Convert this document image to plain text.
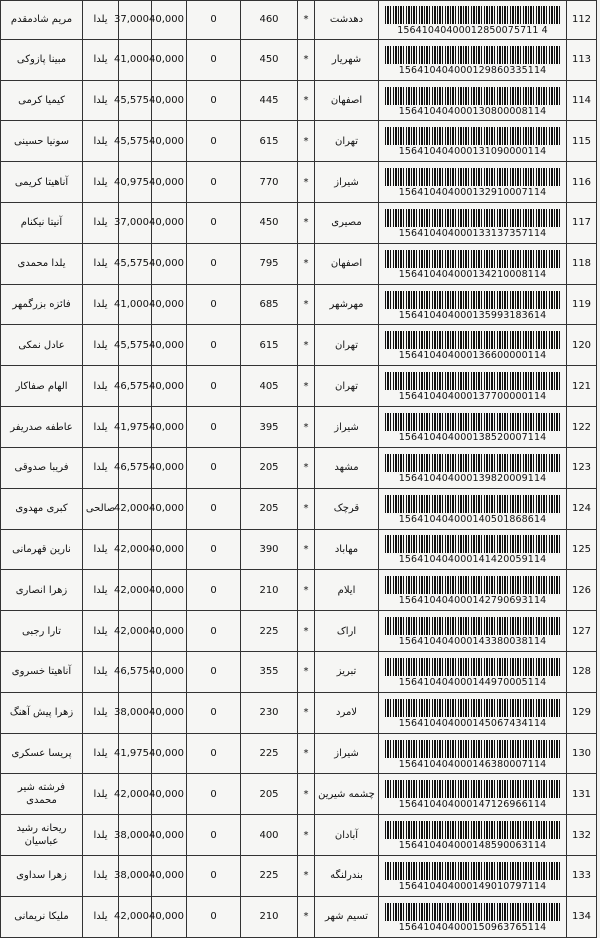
112	15641040400012850075711 4	دهدشت	*	460	0	40,000	37,000	یلدا	مریم شادمقدم
113	156410404000129860335114	شهریار	*	450	0	40,000	41,000	یلدا	مبینا پازوکی
114	156410404000130800008114	اصفهان	*	445	0	40,000	45,575	یلدا	کیمیا کرمی
115	156410404000131090000114	تهران	*	615	0	40,000	45,575	یلدا	سونیا حسینی
116	156410404000132910007114	شیراز	*	770	0	40,000	40,975	یلدا	آناهیتا کریمی
117	156410404000133137357114	مصیری	*	450	0	40,000	37,000	یلدا	آنیتا نیکنام
118	156410404000134210008114	اصفهان	*	795	0	40,000	45,575	یلدا	یلدا محمدی
119	156410404000135993183614	مهرشهر	*	685	0	40,000	41,000	یلدا	فائزه بزرگمهر
120	156410404000136600000114	تهران	*	615	0	40,000	45,575	یلدا	عادل نمکی
121	156410404000137700000114	تهران	*	405	0	40,000	46,575	یلدا	الهام صفاکار
122	156410404000138520007114	شیراز	*	395	0	40,000	41,975	یلدا	عاطفه صدریفر
123	156410404000139820009114	مشهد	*	205	0	40,000	46,575	یلدا	فریبا صدوقی
124	156410404000140501868614	قرچک	*	205	0	40,000	42,000	صالحی	کبری مهدوی
125	156410404000141420059114	مهاباد	*	390	0	40,000	42,000	یلدا	نارین قهرمانی
126	156410404000142790693114	ایلام	*	210	0	40,000	42,000	یلدا	زهرا انصاری
127	156410404000143380038114	اراک	*	225	0	40,000	42,000	یلدا	تارا رجبی
128	156410404000144970005114	تبریز	*	355	0	40,000	46,575	یلدا	آناهیتا خسروی
129	156410404000145067434114	لامرد	*	230	0	40,000	38,000	یلدا	زهرا پیش آهنگ
130	156410404000146380007114	شیراز	*	225	0	40,000	41,975	یلدا	پریسا عسکری
131	156410404000147126966114	چشمه شیرین	*	205	0	40,000	42,000	یلدا	فرشته شیر محمدی
132	156410404000148590063114	آبادان	*	400	0	40,000	38,000	یلدا	ریحانه رشید عباسیان
133	156410404000149010797114	بندرلنگه	*	225	0	40,000	38,000	یلدا	زهرا سداوی
134	156410404000150963765114	تسیم شهر	*	210	0	40,000	42,000	یلدا	ملیکا نریمانی
